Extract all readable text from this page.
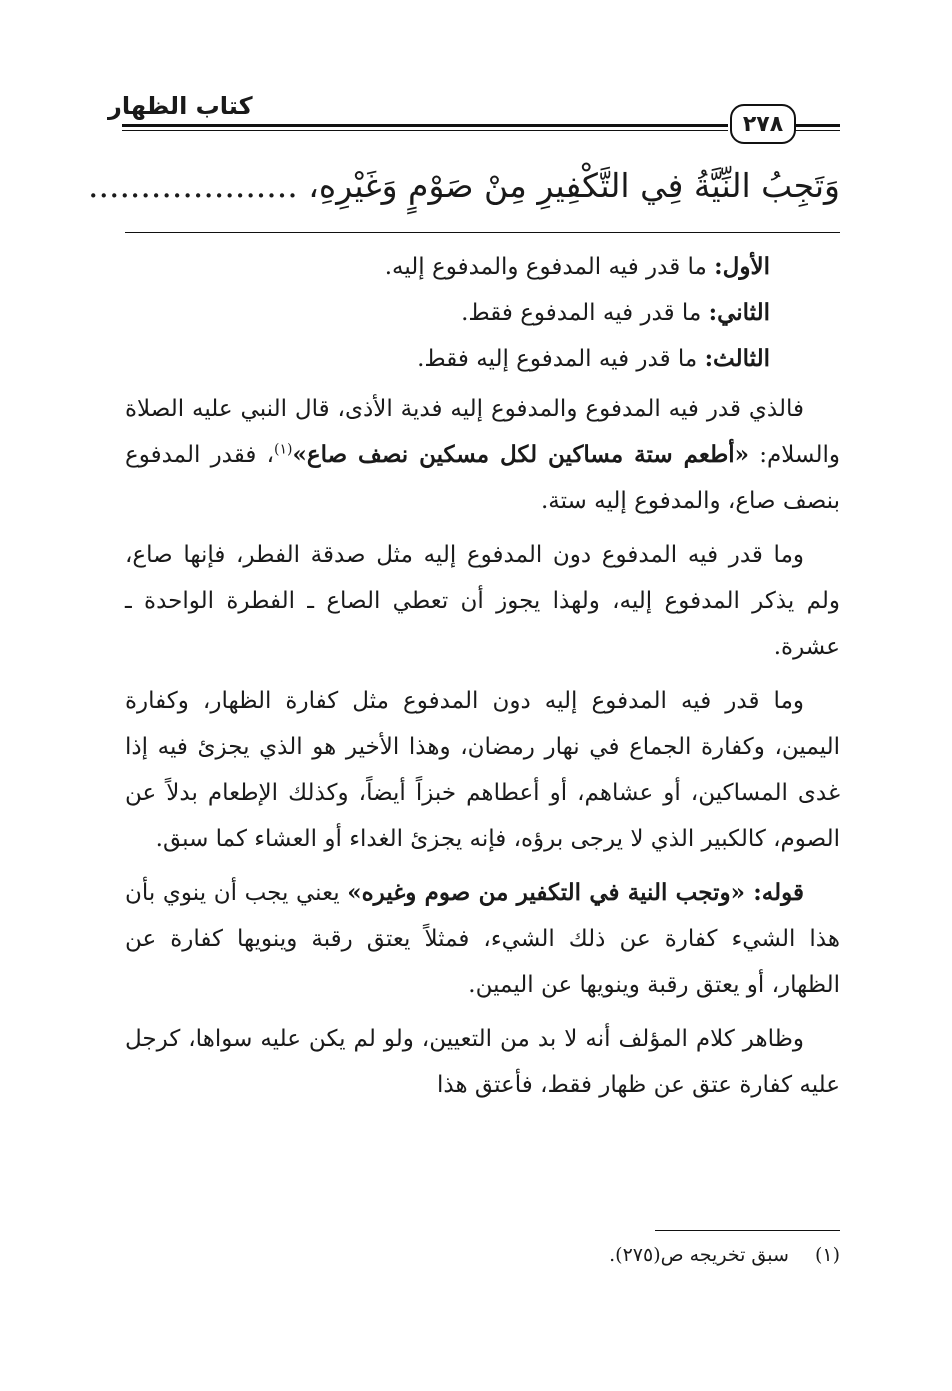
كتاب الظهار
٢٧٨
وَتَجِبُ النِّيَّةُ فِي التَّكْفِيرِ مِنْ صَوْمٍ وَغَيْرِهِ، ....................

الأول: ما قدر فيه المدفوع والمدفوع إليه.

الثاني: ما قدر فيه المدفوع فقط.

الثالث: ما قدر فيه المدفوع إليه فقط.

فالذي قدر فيه المدفوع والمدفوع إليه فدية الأذى، قال النبي عليه الصلاة والسلام: «أطعم ستة مساكين لكل مسكين نصف صاع»$^{(١)}$، فقدر المدفوع بنصف صاع، والمدفوع إليه ستة.

وما قدر فيه المدفوع دون المدفوع إليه مثل صدقة الفطر، فإنها صاع، ولم يذكر المدفوع إليه، ولهذا يجوز أن تعطي الصاع ـ الفطرة الواحدة ـ عشرة.

وما قدر فيه المدفوع إليه دون المدفوع مثل كفارة الظهار، وكفارة اليمين، وكفارة الجماع في نهار رمضان، وهذا الأخير هو الذي يجزئ فيه إذا غدى المساكين، أو عشاهم، أو أعطاهم خبزاً أيضاً، وكذلك الإطعام بدلاً عن الصوم، كالكبير الذي لا يرجى برؤه، فإنه يجزئ الغداء أو العشاء كما سبق.

قوله: «وتجب النية في التكفير من صوم وغيره» يعني يجب أن ينوي بأن هذا الشيء كفارة عن ذلك الشيء، فمثلاً يعتق رقبة وينويها كفارة عن الظهار، أو يعتق رقبة وينويها عن اليمين.

وظاهر كلام المؤلف أنه لا بد من التعيين، ولو لم يكن عليه سواها، كرجل عليه كفارة عتق عن ظهار فقط، فأعتق هذا

(١)سبق تخريجه ص(٢٧٥).
